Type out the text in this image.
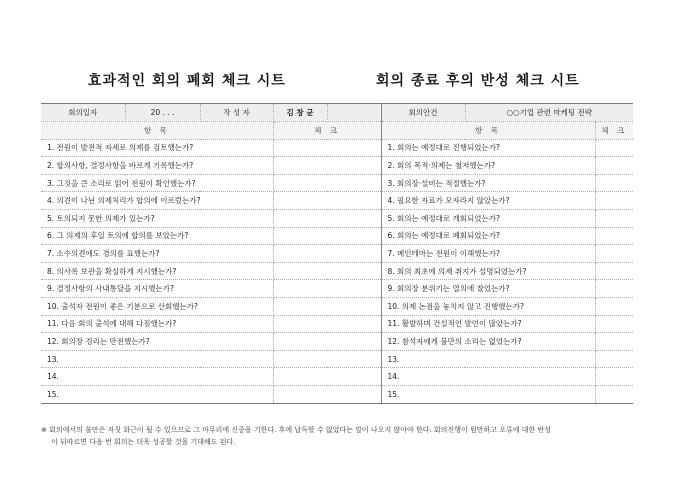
효과적인 회의 폐회 체크 시트	회의 종료 후의 반성 체크 시트
회의일자	20 . . .	작 성 자	김 창 균		회의안건	○○기업 관련 마케팅 전략	
항 목			체 크		항 목		체 크
1. 전원이 발전적 자세로 의제를 검토했는가?					1. 회의는 예정대로 진행되었는가?		
2. 합의사항, 결정사항을 바르게 기록했는가?					2. 회의 목적·의제는 철저했는가?		
3. 그것을 큰 소리로 읽어 전원이 확인했는가?					3. 회의장·설비는 적절했는가?		
4. 의견이 나뉜 의제처리가 합의에 이르렀는가?					4. 필요한 자료가 모자라지 않았는가?		
5. 토의되지 못한 의제가 있는가?					5. 회의는 예정대로 개회되었는가?		
6. 그 의제의 후일 토의에 합의를 보았는가?					6. 회의는 예정대로 폐회되었는가?		
7. 소수의견에도 경의를 표했는가?					7. 메인테마는 전원이 이해했는가?		
8. 의사록 보관을 확실하게 지시했는가?					8. 회의 최초에 의제 취지가 설명되었는가?		
9. 결정사항의 사내통달을 지시했는가?					9. 회의장 분위기는 열의에 찼었는가?		
10. 출석자 전원이 좋은 기분으로 산회했는가?					10. 의제 논점을 놓치지 않고 진행했는가?		
11. 다음 회의 출석에 대해 다짐했는가?					11. 활발하며 건설적인 발언이 많았는가?		
12. 회의장 정리는 만전했는가?					12. 참석자에게 불만의 소리는 없었는가?		
13.					13.		
14.					14.		
15.					15.		
※ 회의에서의 불만은 자칫 화근이 될 수 있으므로 그 마무리에 신중을 기한다. 후에 납득할 수 없었다는 말이 나오지 않아야 한다. 회의진행이 원만하고 오류에 대한 반성
이 뒤따르면 다음 번 회의는 더욱 성공할 것을 기대해도 된다.
